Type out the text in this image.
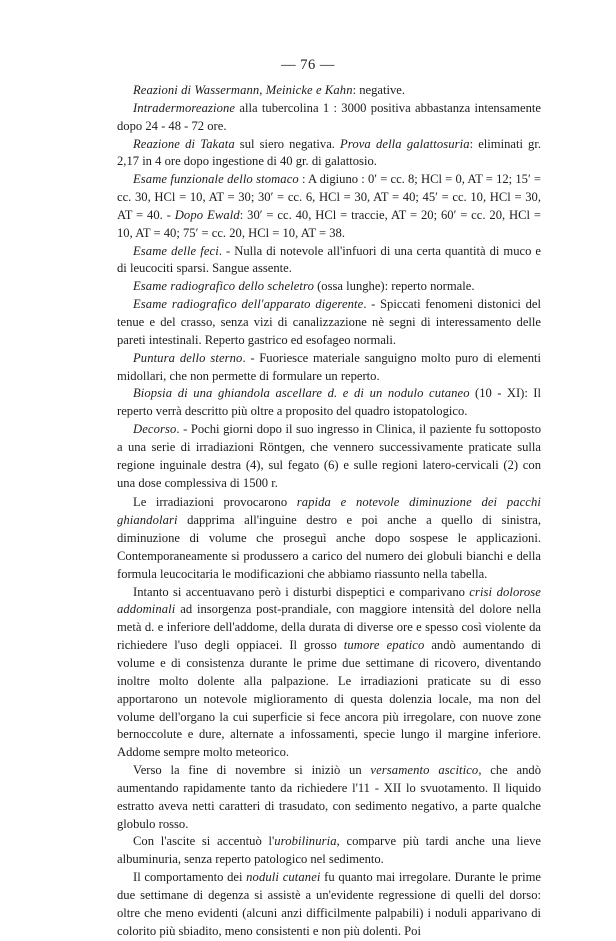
— 76 —

Reazioni di Wassermann, Meinicke e Kahn: negative.

Intradermoreazione alla tubercolina 1 : 3000 positiva abbastanza intensamente dopo 24 - 48 - 72 ore.

Reazione di Takata sul siero negativa. Prova della galattosuria: eliminati gr. 2,17 in 4 ore dopo ingestione di 40 gr. di galattosio.

Esame funzionale dello stomaco : A digiuno : 0′ = cc. 8; HCl = 0, AT = 12; 15′ = cc. 30, HCl = 10, AT = 30; 30′ = cc. 6, HCl = 30, AT = 40; 45′ = cc. 10, HCl = 30, AT = 40. - Dopo Ewald: 30′ = cc. 40, HCl = traccie, AT = 20; 60′ = cc. 20, HCl = 10, AT = 40; 75′ = cc. 20, HCl = 10, AT = 38.

Esame delle feci. - Nulla di notevole all'infuori di una certa quantità di muco e di leucociti sparsi. Sangue assente.

Esame radiografico dello scheletro (ossa lunghe): reperto normale.

Esame radiografico dell'apparato digerente. - Spiccati fenomeni distonici del tenue e del crasso, senza vizi di canalizzazione nè segni di interessamento delle pareti intestinali. Reperto gastrico ed esofageo normali.

Puntura dello sterno. - Fuoriesce materiale sanguigno molto puro di elementi midollari, che non permette di formulare un reperto.

Biopsia di una ghiandola ascellare d. e di un nodulo cutaneo (10 - XI): Il reperto verrà descritto più oltre a proposito del quadro istopatologico.

Decorso. - Pochi giorni dopo il suo ingresso in Clinica, il paziente fu sottoposto a una serie di irradiazioni Röntgen, che vennero successivamente praticate sulla regione inguinale destra (4), sul fegato (6) e sulle regioni latero-cervicali (2) con una dose complessiva di 1500 r.

Le irradiazioni provocarono rapida e notevole diminuzione dei pacchi ghiandolari dapprima all'inguine destro e poi anche a quello di sinistra, diminuzione di volume che proseguì anche dopo sospese le applicazioni. Contemporaneamente si produssero a carico del numero dei globuli bianchi e della formula leucocitaria le modificazioni che abbiamo riassunto nella tabella.

Intanto si accentuavano però i disturbi dispeptici e comparivano crisi dolorose addominali ad insorgenza post-prandiale, con maggiore intensità del dolore nella metà d. e inferiore dell'addome, della durata di diverse ore e spesso così violente da richiedere l'uso degli oppiacei. Il grosso tumore epatico andò aumentando di volume e di consistenza durante le prime due settimane di ricovero, diventando inoltre molto dolente alla palpazione. Le irradiazioni praticate su di esso apportarono un notevole miglioramento di questa dolenzia locale, ma non del volume dell'organo la cui superficie si fece ancora più irregolare, con nuove zone bernoccolute e dure, alternate a infossamenti, specie lungo il margine inferiore. Addome sempre molto meteorico.

Verso la fine di novembre si iniziò un versamento ascitico, che andò aumentando rapidamente tanto da richiedere l'11 - XII lo svuotamento. Il liquido estratto aveva netti caratteri di trasudato, con sedimento negativo, a parte qualche globulo rosso.

Con l'ascite si accentuò l'urobilinuria, comparve più tardi anche una lieve albuminuria, senza reperto patologico nel sedimento.

Il comportamento dei noduli cutanei fu quanto mai irregolare. Durante le prime due settimane di degenza si assistè a un'evidente regressione di quelli del dorso: oltre che meno evidenti (alcuni anzi difficilmente palpabili) i noduli apparivano di colorito più sbiadito, meno consistenti e non più dolenti. Poi
